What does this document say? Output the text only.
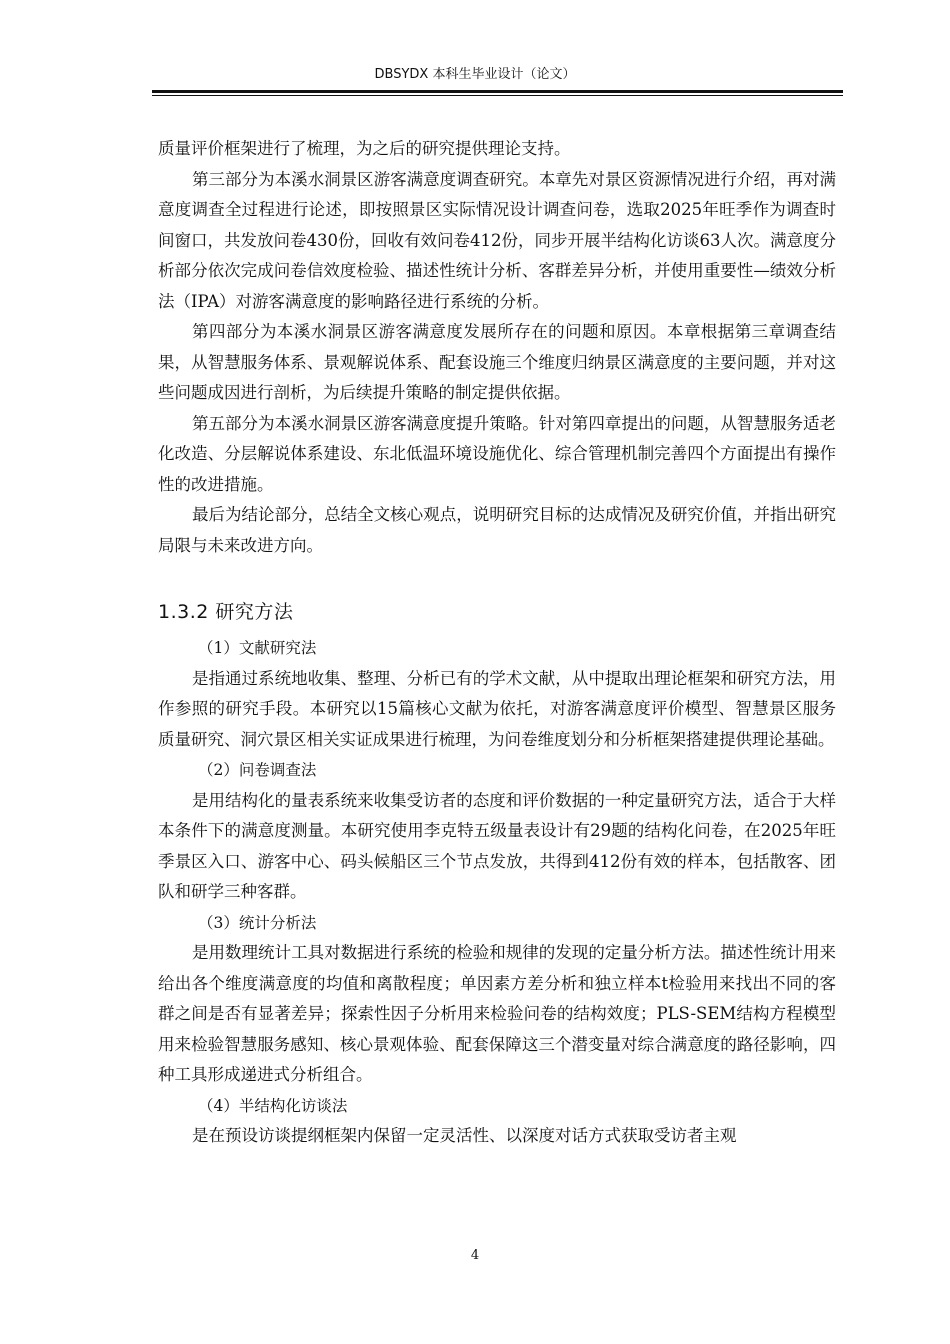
DBSYDX 本科生毕业设计（论文）

质量评价框架进行了梳理，为之后的研究提供理论支持。

第三部分为本溪水洞景区游客满意度调查研究。本章先对景区资源情况进行介绍，再对满意度调查全过程进行论述，即按照景区实际情况设计调查问卷，选取2025年旺季作为调查时间窗口，共发放问卷430份，回收有效问卷412份，同步开展半结构化访谈63人次。满意度分析部分依次完成问卷信效度检验、描述性统计分析、客群差异分析，并使用重要性—绩效分析法（IPA）对游客满意度的影响路径进行系统的分析。

第四部分为本溪水洞景区游客满意度发展所存在的问题和原因。本章根据第三章调查结果，从智慧服务体系、景观解说体系、配套设施三个维度归纳景区满意度的主要问题，并对这些问题成因进行剖析，为后续提升策略的制定提供依据。

第五部分为本溪水洞景区游客满意度提升策略。针对第四章提出的问题，从智慧服务适老化改造、分层解说体系建设、东北低温环境设施优化、综合管理机制完善四个方面提出有操作性的改进措施。

最后为结论部分，总结全文核心观点，说明研究目标的达成情况及研究价值，并指出研究局限与未来改进方向。

1.3.2 研究方法

（1）文献研究法

是指通过系统地收集、整理、分析已有的学术文献，从中提取出理论框架和研究方法，用作参照的研究手段。本研究以15篇核心文献为依托，对游客满意度评价模型、智慧景区服务质量研究、洞穴景区相关实证成果进行梳理，为问卷维度划分和分析框架搭建提供理论基础。

（2）问卷调查法

是用结构化的量表系统来收集受访者的态度和评价数据的一种定量研究方法，适合于大样本条件下的满意度测量。本研究使用李克特五级量表设计有29题的结构化问卷，在2025年旺季景区入口、游客中心、码头候船区三个节点发放，共得到412份有效的样本，包括散客、团队和研学三种客群。

（3）统计分析法

是用数理统计工具对数据进行系统的检验和规律的发现的定量分析方法。描述性统计用来给出各个维度满意度的均值和离散程度；单因素方差分析和独立样本t检验用来找出不同的客群之间是否有显著差异；探索性因子分析用来检验问卷的结构效度；PLS-SEM结构方程模型用来检验智慧服务感知、核心景观体验、配套保障这三个潜变量对综合满意度的路径影响，四种工具形成递进式分析组合。

（4）半结构化访谈法

是在预设访谈提纲框架内保留一定灵活性、以深度对话方式获取受访者主观

4
